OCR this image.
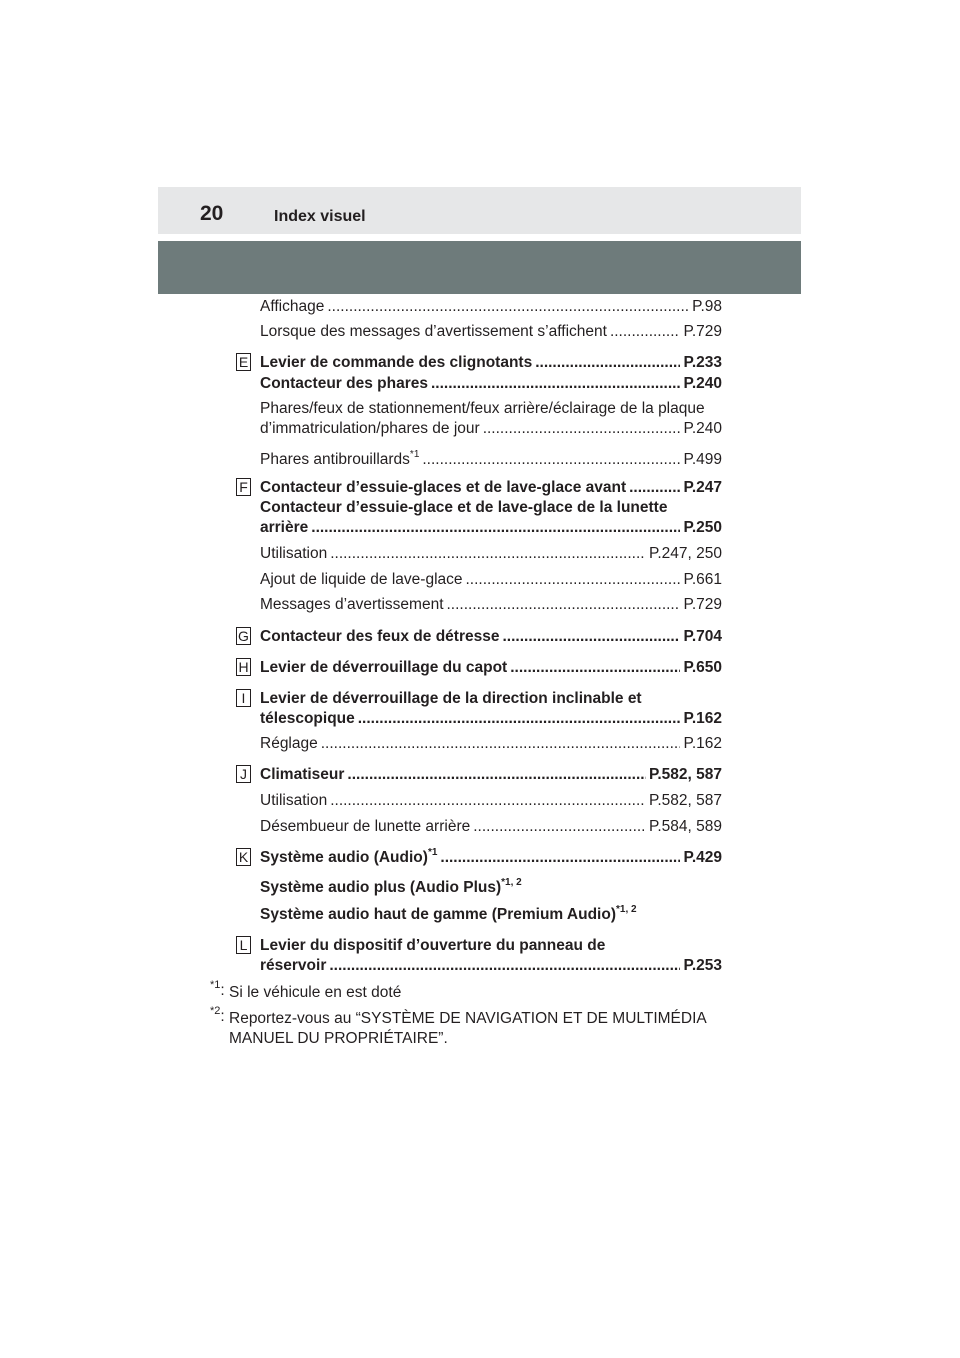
20	Index visuel
Affichage .....	P.98
Lorsque des messages d’avertissement s’affichent .....	P.729
E Levier de commande des clignotants .....	P.233
Contacteur des phares .....	P.240
Phares/feux de stationnement/feux arrière/éclairage de la plaque
d’immatriculation/phares de jour .....	P.240
Phares antibrouillards$^{*1}$ .....	P.499
F Contacteur d’essuie-glaces et de lave-glace avant .....	P.247
Contacteur d’essuie-glace et de lave-glace de la lunette
arrière .....	P.250
Utilisation .....	P.247, 250
Ajout de liquide de lave-glace .....	P.661
Messages d’avertissement .....	P.729
G Contacteur des feux de détresse .....	P.704
H Levier de déverrouillage du capot .....	P.650
I Levier de déverrouillage de la direction inclinable et
télescopique .....	P.162
Réglage .....	P.162
J Climatiseur .....	P.582, 587
Utilisation .....	P.582, 587
Désembueur de lunette arrière .....	P.584, 589
K Système audio (Audio)$^{*1}$ .....	P.429
Système audio plus (Audio Plus)$^{*1, 2}$
Système audio haut de gamme (Premium Audio)$^{*1, 2}$
L Levier du dispositif d’ouverture du panneau de
réservoir .....	P.253
$^{*1}$: Si le véhicule en est doté
$^{*2}$: Reportez-vous au “SYSTÈME DE NAVIGATION ET DE MULTIMÉDIA
MANUEL DU PROPRIÉTAIRE”.
